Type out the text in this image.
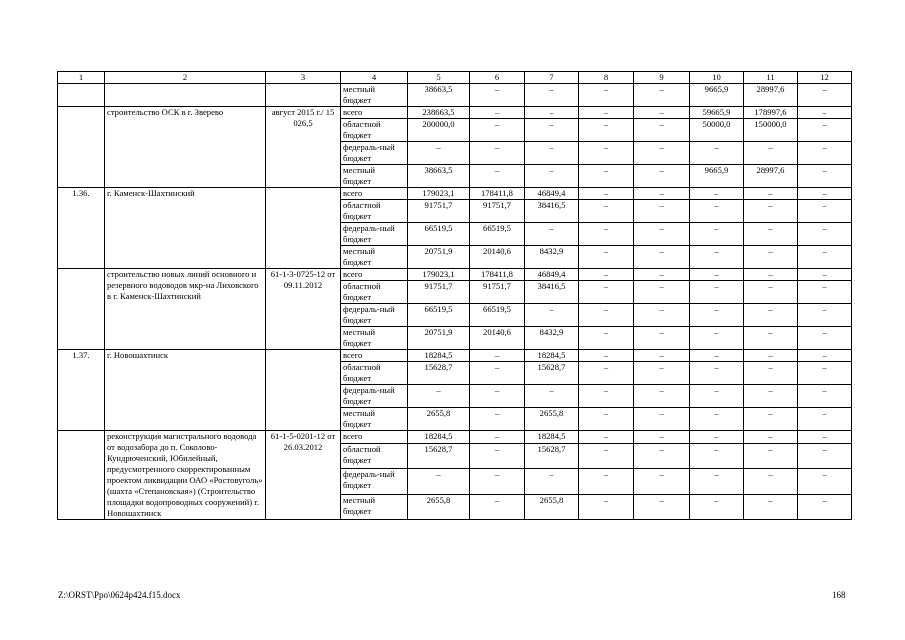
1	2	3	4	5	6	7	8	9	10	11	12
			местный бюджет	38663,5	–	–	–	–	9665,9	28997,6	–
	строительство ОСК в г. Зверево	август 2015 г./ 15 026,5	всего	238663,5	–	–	–	–	59665,9	178997,6	–
			областной бюджет	200000,0	–	–	–	–	50000,0	150000,0	–
			федераль-ный бюджет	–	–	–	–	–	–	–	–
			местный бюджет	38663,5	–	–	–	–	9665,9	28997,6	–
1.36.	г. Каменск-Шахтинский		всего	179023,1	178411,8	46849,4	–	–	–	–	–
			областной бюджет	91751,7	91751,7	38416,5	–	–	–	–	–
			федераль-ный бюджет	66519,5	66519,5	–	–	–	–	–	–
			местный бюджет	20751,9	20140,6	8432,9	–	–	–	–	–
	строительство новых линий основного и резервного водоводов мкр-на Лиховского в г. Каменск-Шахтинский	61-1-3-0725-12 от 09.11.2012	всего	179023,1	178411,8	46849,4	–	–	–	–	–
			областной бюджет	91751,7	91751,7	38416,5	–	–	–	–	–
			федераль-ный бюджет	66519,5	66519,5	–	–	–	–	–	–
			местный бюджет	20751,9	20140,6	8432,9	–	–	–	–	–
1.37.	г. Новошахтинск		всего	18284,5	–	18284,5	–	–	–	–	–
			областной бюджет	15628,7	–	15628,7	–	–	–	–	–
			федераль-ный бюджет	–	–	–	–	–	–	–	–
			местный бюджет	2655,8	–	2655,8	–	–	–	–	–
	реконструкция магистрального водовода от водозабора до п. Соколово-Кундрюченский, Юбилейный, предусмотренного скорректированным проектом ликвидации ОАО «Ростовуголь» (шахта «Степановская») (Строительство площадки водопроводных сооружений) г. Новошахтинск	61-1-5-0201-12 от 26.03.2012	всего	18284,5	–	18284,5	–	–	–	–	–
			областной бюджет	15628,7	–	15628,7	–	–	–	–	–
			федераль-ный бюджет	–	–	–	–	–	–	–	–
			местный бюджет	2655,8	–	2655,8	–	–	–	–	–
Z:\ORST\Ppo\0624p424.f15.docx	168
